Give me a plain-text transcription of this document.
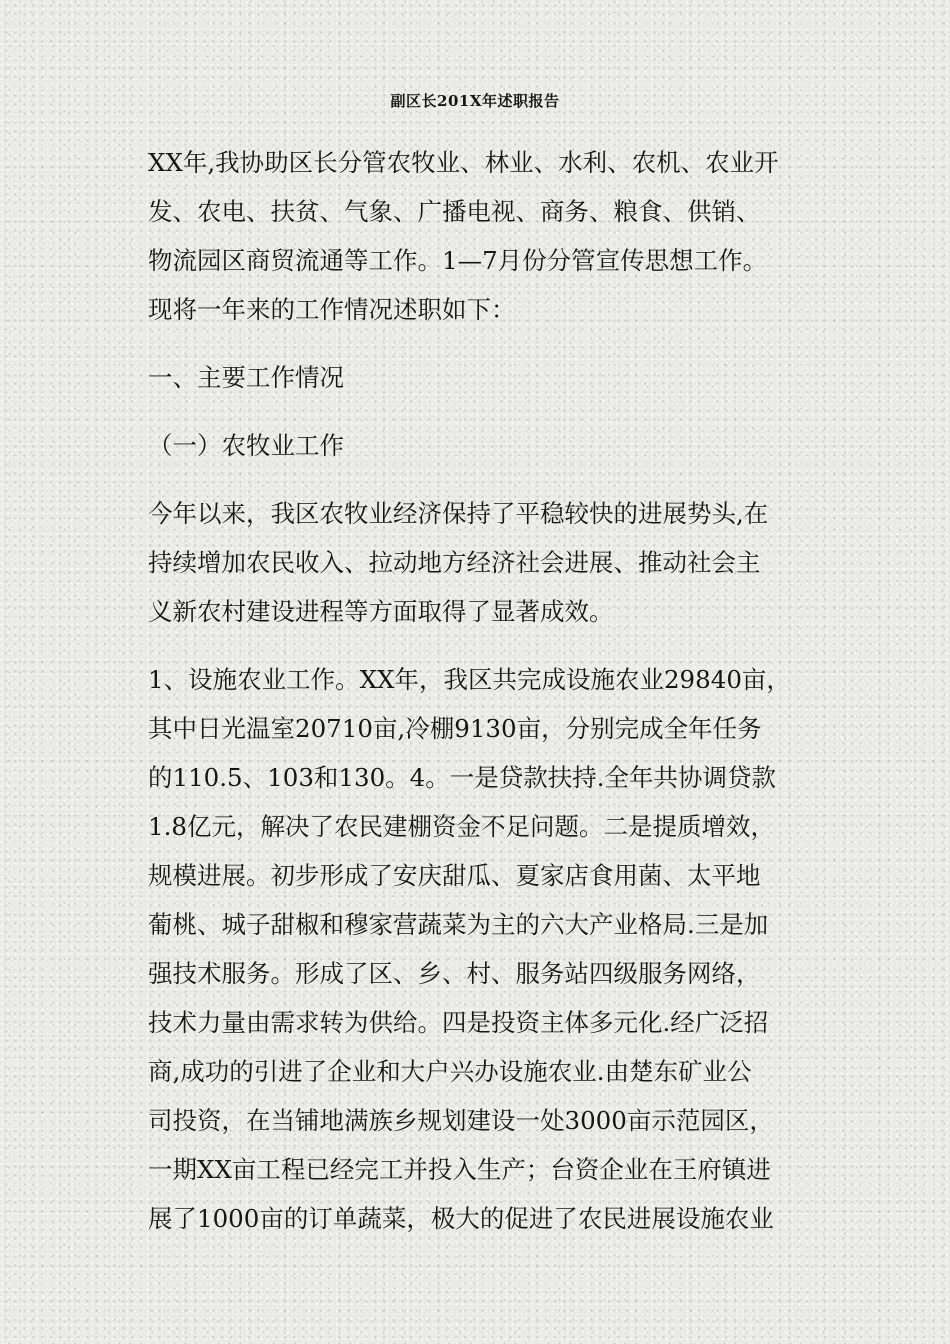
副区长201X年述职报告

XX年,我协助区长分管农牧业、林业、水利、农机、农业开
发、农电、扶贫、气象、广播电视、商务、粮食、供销、
物流园区商贸流通等工作。1—7月份分管宣传思想工作。
现将一年来的工作情况述职如下：

一、主要工作情况

（一）农牧业工作

今年以来，我区农牧业经济保持了平稳较快的进展势头,在
持续增加农民收入、拉动地方经济社会进展、推动社会主
义新农村建设进程等方面取得了显著成效。

1、设施农业工作。XX年，我区共完成设施农业29840亩，
其中日光温室20710亩,冷棚9130亩，分别完成全年任务
的110.5、103和130。4。一是贷款扶持.全年共协调贷款
1.8亿元，解决了农民建棚资金不足问题。二是提质增效，
规模进展。初步形成了安庆甜瓜、夏家店食用菌、太平地
葡桃、城子甜椒和穆家营蔬菜为主的六大产业格局.三是加
强技术服务。形成了区、乡、村、服务站四级服务网络，
技术力量由需求转为供给。四是投资主体多元化.经广泛招
商,成功的引进了企业和大户兴办设施农业.由楚东矿业公
司投资，在当铺地满族乡规划建设一处3000亩示范园区，
一期XX亩工程已经完工并投入生产；台资企业在王府镇进
展了1000亩的订单蔬菜，极大的促进了农民进展设施农业
